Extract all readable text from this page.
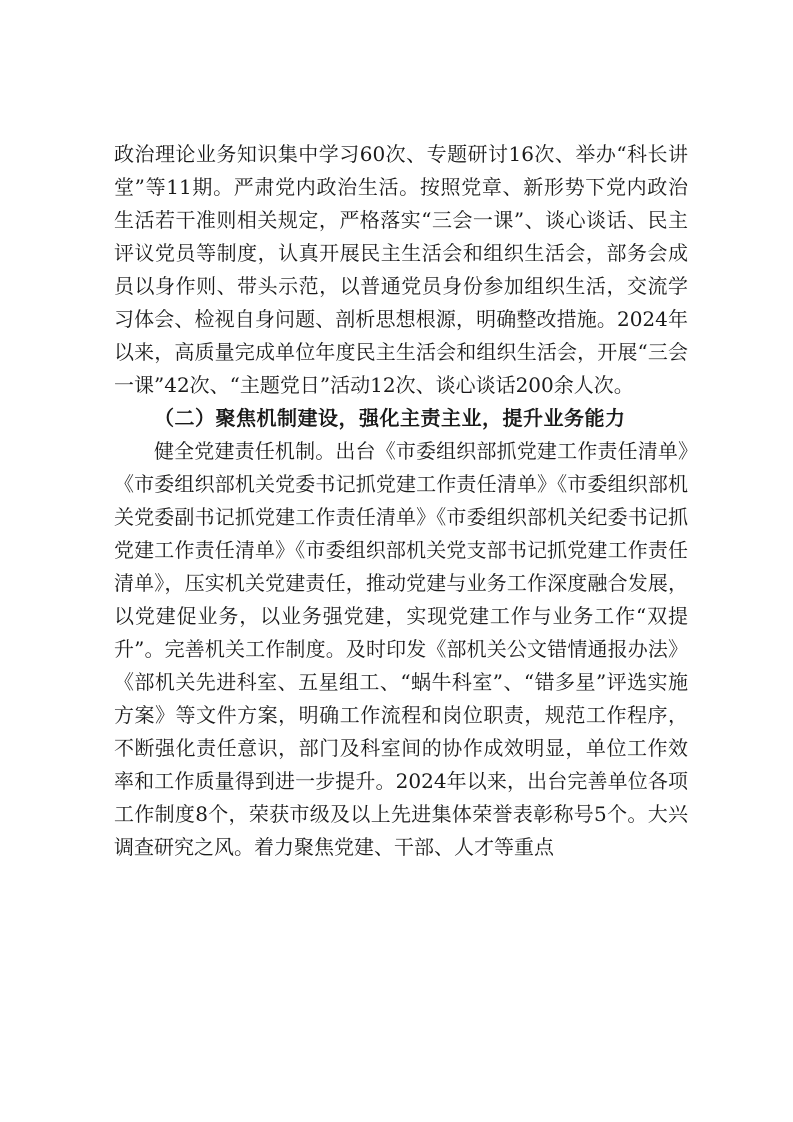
政治理论业务知识集中学习60次、专题研讨16次、举办“科长讲堂”等11期。严肃党内政治生活。按照党章、新形势下党内政治生活若干准则相关规定，严格落实“三会一课”、谈心谈话、民主评议党员等制度，认真开展民主生活会和组织生活会，部务会成员以身作则、带头示范，以普通党员身份参加组织生活，交流学习体会、检视自身问题、剖析思想根源，明确整改措施。2024年以来，高质量完成单位年度民主生活会和组织生活会，开展“三会一课”42次、“主题党日”活动12次、谈心谈话200余人次。

（二）聚焦机制建设，强化主责主业，提升业务能力

健全党建责任机制。出台《市委组织部抓党建工作责任清单》《市委组织部机关党委书记抓党建工作责任清单》《市委组织部机关党委副书记抓党建工作责任清单》《市委组织部机关纪委书记抓党建工作责任清单》《市委组织部机关党支部书记抓党建工作责任清单》，压实机关党建责任，推动党建与业务工作深度融合发展，以党建促业务，以业务强党建，实现党建工作与业务工作“双提升”。完善机关工作制度。及时印发《部机关公文错情通报办法》《部机关先进科室、五星组工、“蜗牛科室”、“错多星”评选实施方案》等文件方案，明确工作流程和岗位职责，规范工作程序，不断强化责任意识，部门及科室间的协作成效明显，单位工作效率和工作质量得到进一步提升。2024年以来，出台完善单位各项工作制度8个，荣获市级及以上先进集体荣誉表彰称号5个。大兴调查研究之风。着力聚焦党建、干部、人才等重点
